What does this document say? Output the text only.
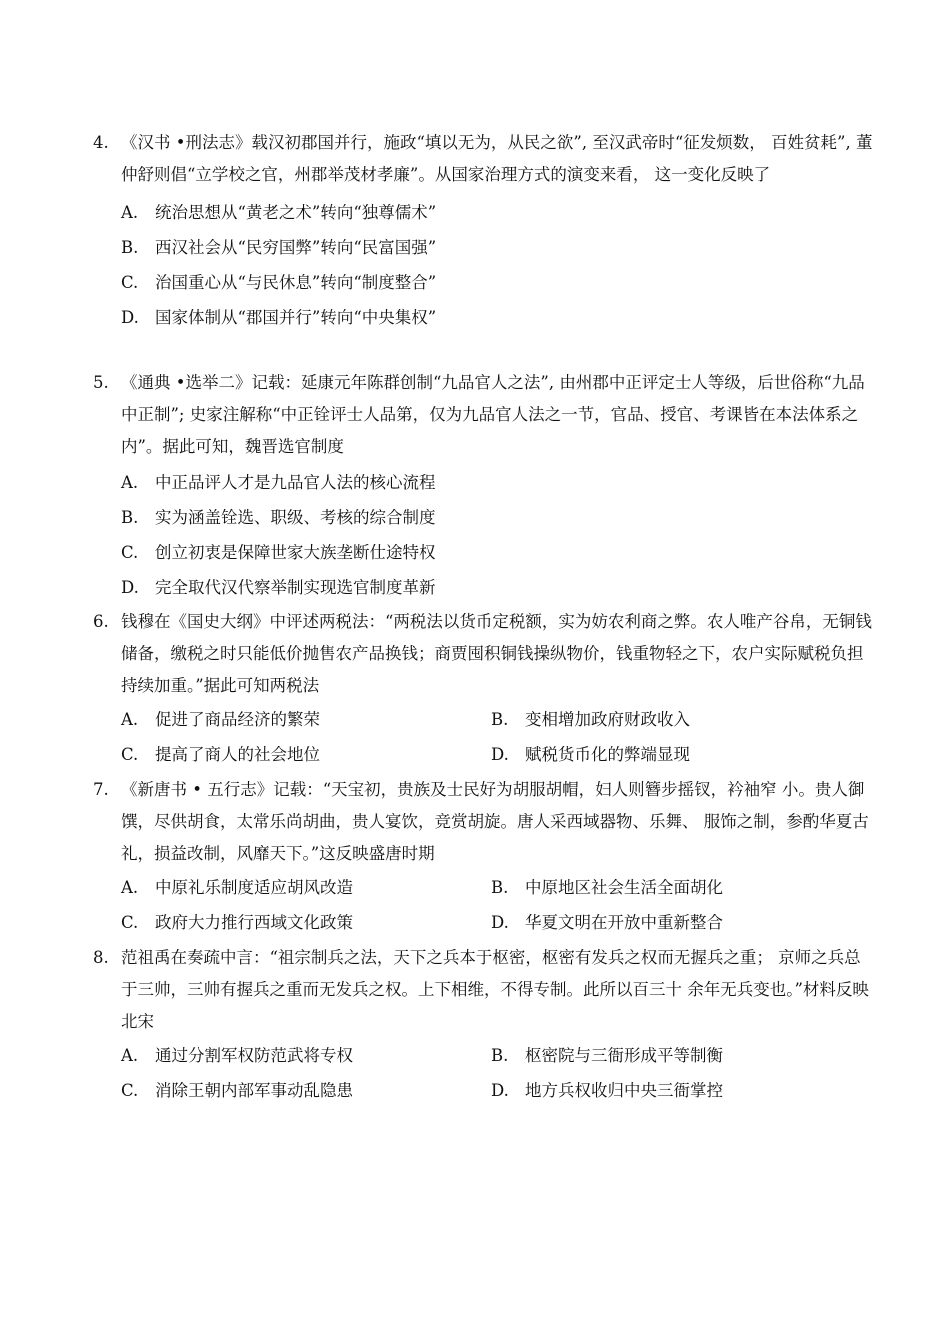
4. 《汉书 •刑法志》载汉初郡国并行，施政“填以无为，从民之欲”, 至汉武帝时“征发烦数， 百姓贫耗”, 董仲舒则倡“立学校之官，州郡举茂材孝廉”。从国家治理方式的演变来看， 这一变化反映了

A. 统治思想从“黄老之术”转向“独尊儒术”
B. 西汉社会从“民穷国弊”转向“民富国强”
C. 治国重心从“与民休息”转向“制度整合”
D. 国家体制从“郡国并行”转向“中央集权”

5. 《通典 •选举二》记载：延康元年陈群创制“九品官人之法”, 由州郡中正评定士人等级，后世俗称“九品中正制”; 史家注解称“中正铨评士人品第，仅为九品官人法之一节，官品、授官、考课皆在本法体系之内”。据此可知，魏晋选官制度

A. 中正品评人才是九品官人法的核心流程
B. 实为涵盖铨选、职级、考核的综合制度
C. 创立初衷是保障世家大族垄断仕途特权
D. 完全取代汉代察举制实现选官制度革新

6. 钱穆在《国史大纲》中评述两税法：“两税法以货币定税额，实为妨农利商之弊。农人唯产谷帛，无铜钱储备，缴税之时只能低价抛售农产品换钱；商贾囤积铜钱操纵物价，钱重物轻之下，农户实际赋税负担持续加重。”据此可知两税法

A. 促进了商品经济的繁荣	B. 变相增加政府财政收入
C. 提高了商人的社会地位	D. 赋税货币化的弊端显现

7. 《新唐书 • 五行志》记载：“天宝初，贵族及士民好为胡服胡帽，妇人则簪步摇钗，衿袖窄 小。贵人御馔，尽供胡食，太常乐尚胡曲，贵人宴饮，竞赏胡旋。唐人采西域器物、乐舞、 服饰之制，参酌华夏古礼，损益改制，风靡天下。”这反映盛唐时期

A. 中原礼乐制度适应胡风改造	B. 中原地区社会生活全面胡化
C. 政府大力推行西域文化政策	D. 华夏文明在开放中重新整合

8. 范祖禹在奏疏中言：“祖宗制兵之法，天下之兵本于枢密，枢密有发兵之权而无握兵之重； 京师之兵总于三帅，三帅有握兵之重而无发兵之权。上下相维，不得专制。此所以百三十 余年无兵变也。”材料反映北宋

A. 通过分割军权防范武将专权	B. 枢密院与三衙形成平等制衡
C. 消除王朝内部军事动乱隐患	D. 地方兵权收归中央三衙掌控
